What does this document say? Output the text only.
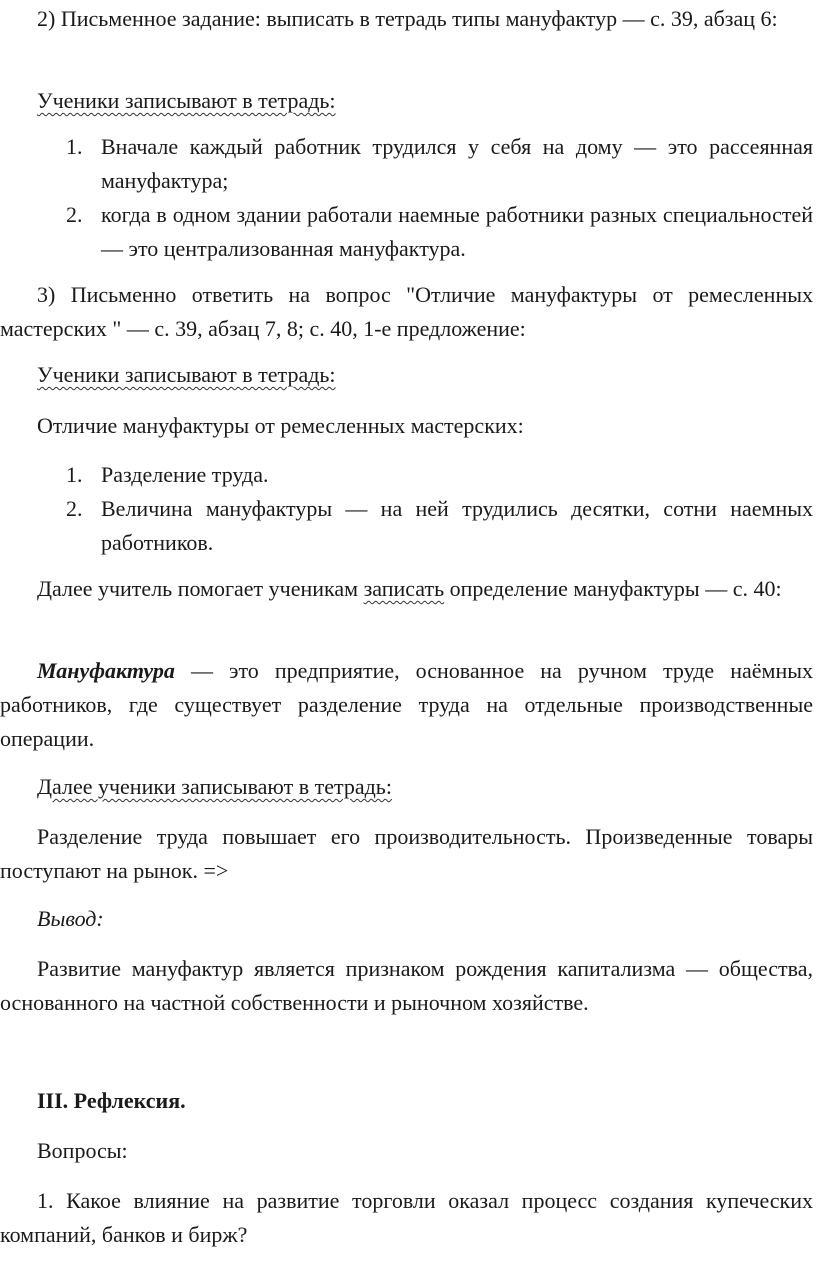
2) Письменное задание: выписать в тетрадь типы мануфактур — с. 39, абзац 6:

Ученики записывают в тетрадь:

1. Вначале каждый работник трудился у себя на дому — это рассеянная мануфактура;
2. когда в одном здании работали наемные работники разных специальностей — это централизованная мануфактура.

3) Письменно ответить на вопрос "Отличие мануфактуры от ремесленных мастерских " — с. 39, абзац 7, 8; с. 40, 1-е предложение:

Ученики записывают в тетрадь:

Отличие мануфактуры от ремесленных мастерских:

1. Разделение труда.
2. Величина мануфактуры — на ней трудились десятки, сотни наемных работников.

Далее учитель помогает ученикам записать определение мануфактуры — с. 40:

Мануфактура — это предприятие, основанное на ручном труде наёмных работников, где существует разделение труда на отдельные производственные операции.

Далее ученики записывают в тетрадь:

Разделение труда повышает его производительность. Произведенные товары поступают на рынок. =>

Вывод:

Развитие мануфактур является признаком рождения капитализма — общества, основанного на частной собственности и рыночном хозяйстве.

III. Рефлексия.

Вопросы:

1. Какое влияние на развитие торговли оказал процесс создания купеческих компаний, банков и бирж?
